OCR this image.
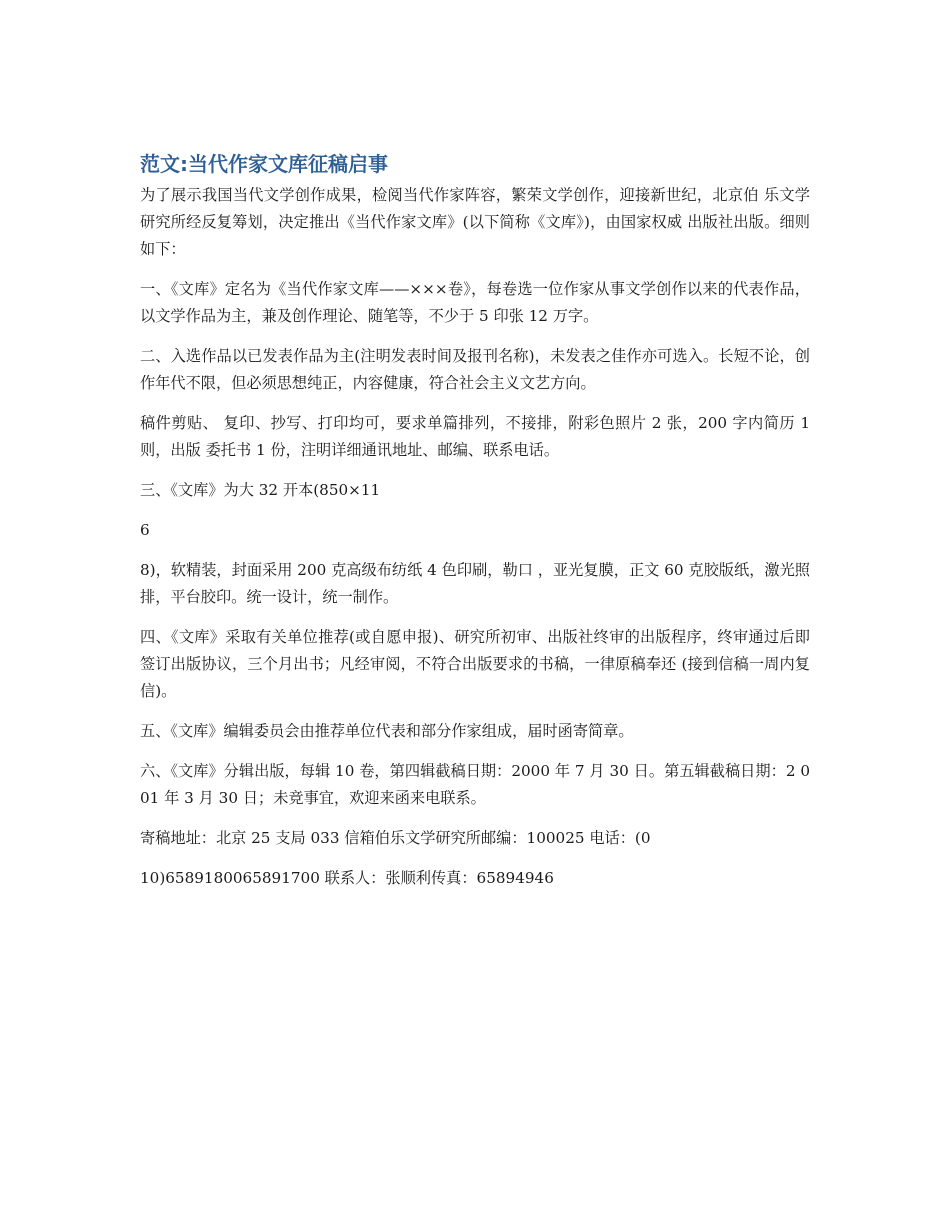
范文:当代作家文库征稿启事

为了展示我国当代文学创作成果，检阅当代作家阵容，繁荣文学创作，迎接新世纪，北京伯 乐文学研究所经反复筹划，决定推出《当代作家文库》(以下简称《文库》)，由国家权威 出版社出版。细则如下：

一、《文库》定名为《当代作家文库——×××卷》，每卷选一位作家从事文学创作以来的代表作品，以文学作品为主，兼及创作理论、随笔等，不少于 5 印张 12 万字。

二、入选作品以已发表作品为主(注明发表时间及报刊名称)，未发表之佳作亦可选入。长短不论，创作年代不限，但必须思想纯正，内容健康，符合社会主义文艺方向。

稿件剪贴、 复印、抄写、打印均可，要求单篇排列，不接排，附彩色照片 2 张，200 字内简历 1 则，出版 委托书 1 份，注明详细通讯地址、邮编、联系电话。

三、《文库》为大 32 开本(850×11

6

8)，软精装，封面采用 200 克高级布纺纸 4 色印刷，勒口 ，亚光复膜，正文 60 克胶版纸，激光照排，平台胶印。统一设计，统一制作。

四、《文库》采取有关单位推荐(或自愿申报)、研究所初审、出版社终审的出版程序，终审通过后即签订出版协议，三个月出书；凡经审阅，不符合出版要求的书稿，一律原稿奉还 (接到信稿一周内复信)。

五、《文库》编辑委员会由推荐单位代表和部分作家组成，届时函寄简章。

六、《文库》分辑出版，每辑 10 卷，第四辑截稿日期：2000 年 7 月 30 日。第五辑截稿日期：2 001 年 3 月 30 日；未竞事宜，欢迎来函来电联系。

寄稿地址：北京 25 支局 033 信箱伯乐文学研究所邮编：100025 电话：(0

10)6589180065891700 联系人：张顺利传真：65894946
